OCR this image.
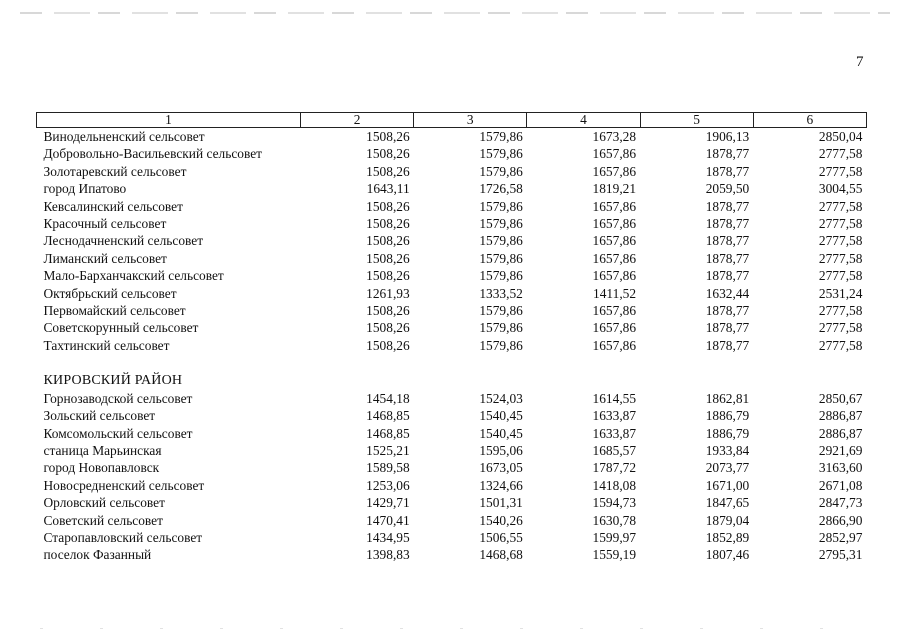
7
1	2	3	4	5	6
Винодельненский сельсовет	1508,26	1579,86	1673,28	1906,13	2850,04
Добровольно-Васильевский сельсовет	1508,26	1579,86	1657,86	1878,77	2777,58
Золотаревский сельсовет	1508,26	1579,86	1657,86	1878,77	2777,58
город Ипатово	1643,11	1726,58	1819,21	2059,50	3004,55
Кевсалинский сельсовет	1508,26	1579,86	1657,86	1878,77	2777,58
Красочный сельсовет	1508,26	1579,86	1657,86	1878,77	2777,58
Леснодачненский сельсовет	1508,26	1579,86	1657,86	1878,77	2777,58
Лиманский сельсовет	1508,26	1579,86	1657,86	1878,77	2777,58
Мало-Барханчакский сельсовет	1508,26	1579,86	1657,86	1878,77	2777,58
Октябрьский сельсовет	1261,93	1333,52	1411,52	1632,44	2531,24
Первомайский сельсовет	1508,26	1579,86	1657,86	1878,77	2777,58
Советскорунный сельсовет	1508,26	1579,86	1657,86	1878,77	2777,58
Тахтинский сельсовет	1508,26	1579,86	1657,86	1878,77	2777,58

КИРОВСКИЙ РАЙОН					
Горнозаводской сельсовет	1454,18	1524,03	1614,55	1862,81	2850,67
Зольский сельсовет	1468,85	1540,45	1633,87	1886,79	2886,87
Комсомольский сельсовет	1468,85	1540,45	1633,87	1886,79	2886,87
станица Марьинская	1525,21	1595,06	1685,57	1933,84	2921,69
город Новопавловск	1589,58	1673,05	1787,72	2073,77	3163,60
Новосредненский сельсовет	1253,06	1324,66	1418,08	1671,00	2671,08
Орловский сельсовет	1429,71	1501,31	1594,73	1847,65	2847,73
Советский сельсовет	1470,41	1540,26	1630,78	1879,04	2866,90
Старопавловский сельсовет	1434,95	1506,55	1599,97	1852,89	2852,97
поселок Фазанный	1398,83	1468,68	1559,19	1807,46	2795,31
